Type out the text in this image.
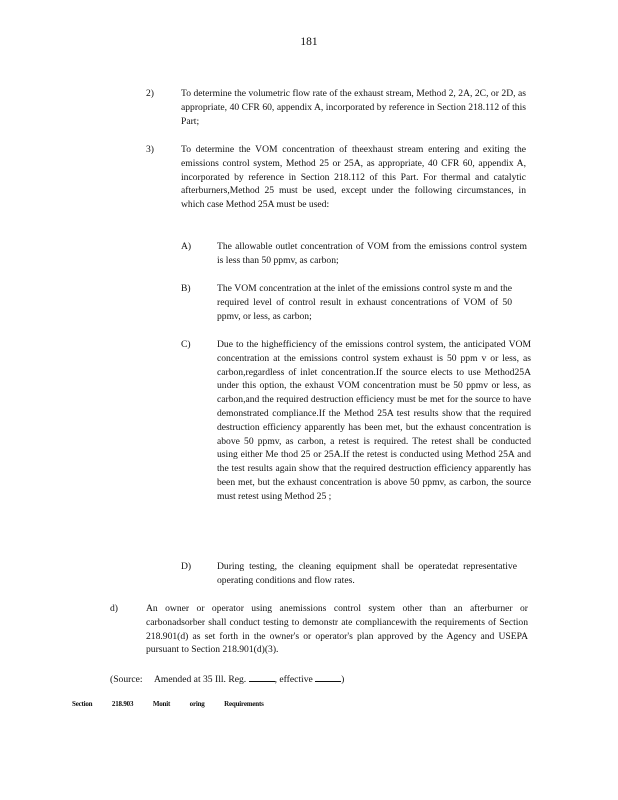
181
2)	To determine the volumetric flow rate of the exhaust stream, Method 2, 2A, 2C, or 2D, as appropriate, 40 CFR 60, appendix A, incorporated by reference in Section 218.112 of this Part;
3)	To determine the VOM concentration of theexhaust stream entering and exiting the emissions control system, Method 25 or 25A, as appropriate, 40 CFR 60, appendix A, incorporated by reference in Section 218.112 of this Part. For thermal and catalytic afterburners,Method 25 must be used, except under the following circumstances, in which case Method 25A must be used:
A)	The allowable outlet concentration of VOM from the emissions control system is less than 50 ppmv, as carbon;
B)	The VOM concentration at the inlet of the emissions control syste m and the required level of control result in exhaust concentrations of VOM of 50 ppmv, or less, as carbon;
C)	Due to the highefficiency of the emissions control system, the anticipated VOM concentration at the emissions control system exhaust is 50 ppm v or less, as carbon,regardless of inlet concentration.If the source elects to use Method25A under this option, the exhaust VOM concentration must be 50 ppmv or less, as carbon,and the required destruction efficiency must be met for the source to have demonstrated compliance.If the Method 25A test results show that the required destruction efficiency apparently has been met, but the exhaust concentration is above 50 ppmv, as carbon, a retest is required. The retest shall be conducted using either Me thod 25 or 25A.If the retest is conducted using Method 25A and the test results again show that the required destruction efficiency apparently has been met, but the exhaust concentration is above 50 ppmv, as carbon, the source must retest using Method 25 ;
D)	During testing, the cleaning equipment shall be operatedat representative operating conditions and flow rates.
d)	An owner or operator using anemissions control system other than an afterburner or carbonadsorber shall conduct testing to demonstr ate compliancewith the requirements of Section 218.901(d) as set forth in the owner's or operator's plan approved by the Agency and USEPA pursuant to Section 218.901(d)(3).
(Source: Amended at 35 Ill. Reg.	, effective	)
Section 218.903 Monit oring Requirements
